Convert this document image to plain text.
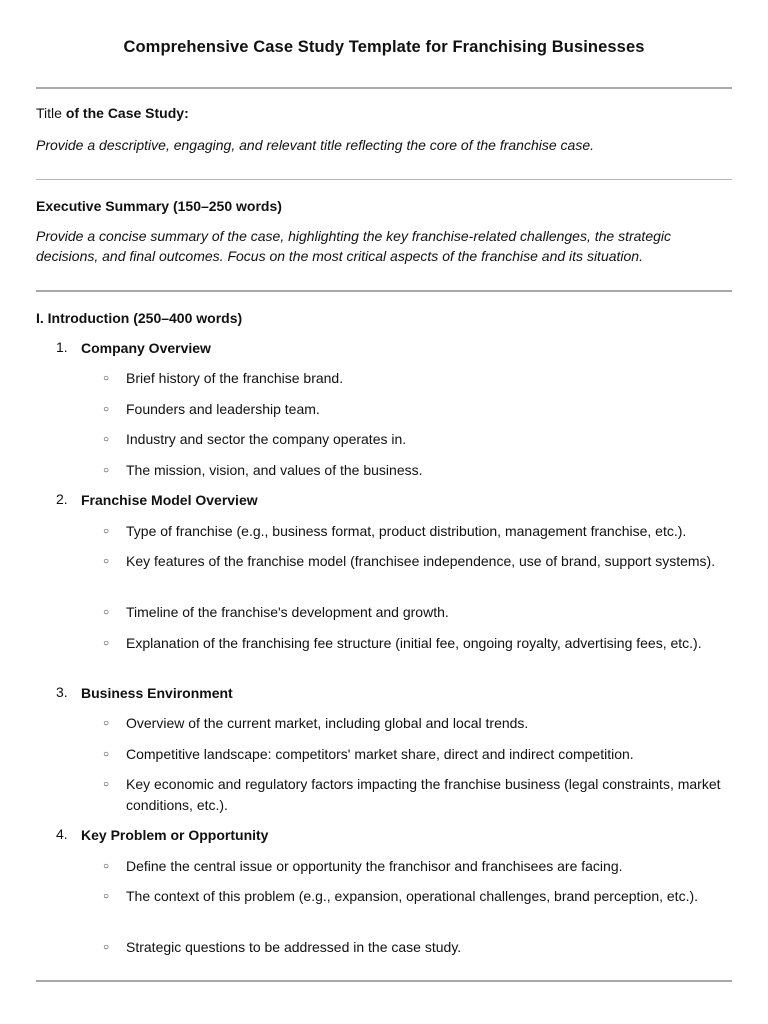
Comprehensive Case Study Template for Franchising Businesses
Title of the Case Study:
Provide a descriptive, engaging, and relevant title reflecting the core of the franchise case.
Executive Summary (150–250 words)
Provide a concise summary of the case, highlighting the key franchise-related challenges, the strategic decisions, and final outcomes. Focus on the most critical aspects of the franchise and its situation.
I. Introduction (250–400 words)
1. Company Overview
○ Brief history of the franchise brand.
○ Founders and leadership team.
○ Industry and sector the company operates in.
○ The mission, vision, and values of the business.
2. Franchise Model Overview
○ Type of franchise (e.g., business format, product distribution, management franchise, etc.).
○ Key features of the franchise model (franchisee independence, use of brand, support systems).
○ Timeline of the franchise's development and growth.
○ Explanation of the franchising fee structure (initial fee, ongoing royalty, advertising fees, etc.).
3. Business Environment
○ Overview of the current market, including global and local trends.
○ Competitive landscape: competitors' market share, direct and indirect competition.
○ Key economic and regulatory factors impacting the franchise business (legal constraints, market conditions, etc.).
4. Key Problem or Opportunity
○ Define the central issue or opportunity the franchisor and franchisees are facing.
○ The context of this problem (e.g., expansion, operational challenges, brand perception, etc.).
○ Strategic questions to be addressed in the case study.
